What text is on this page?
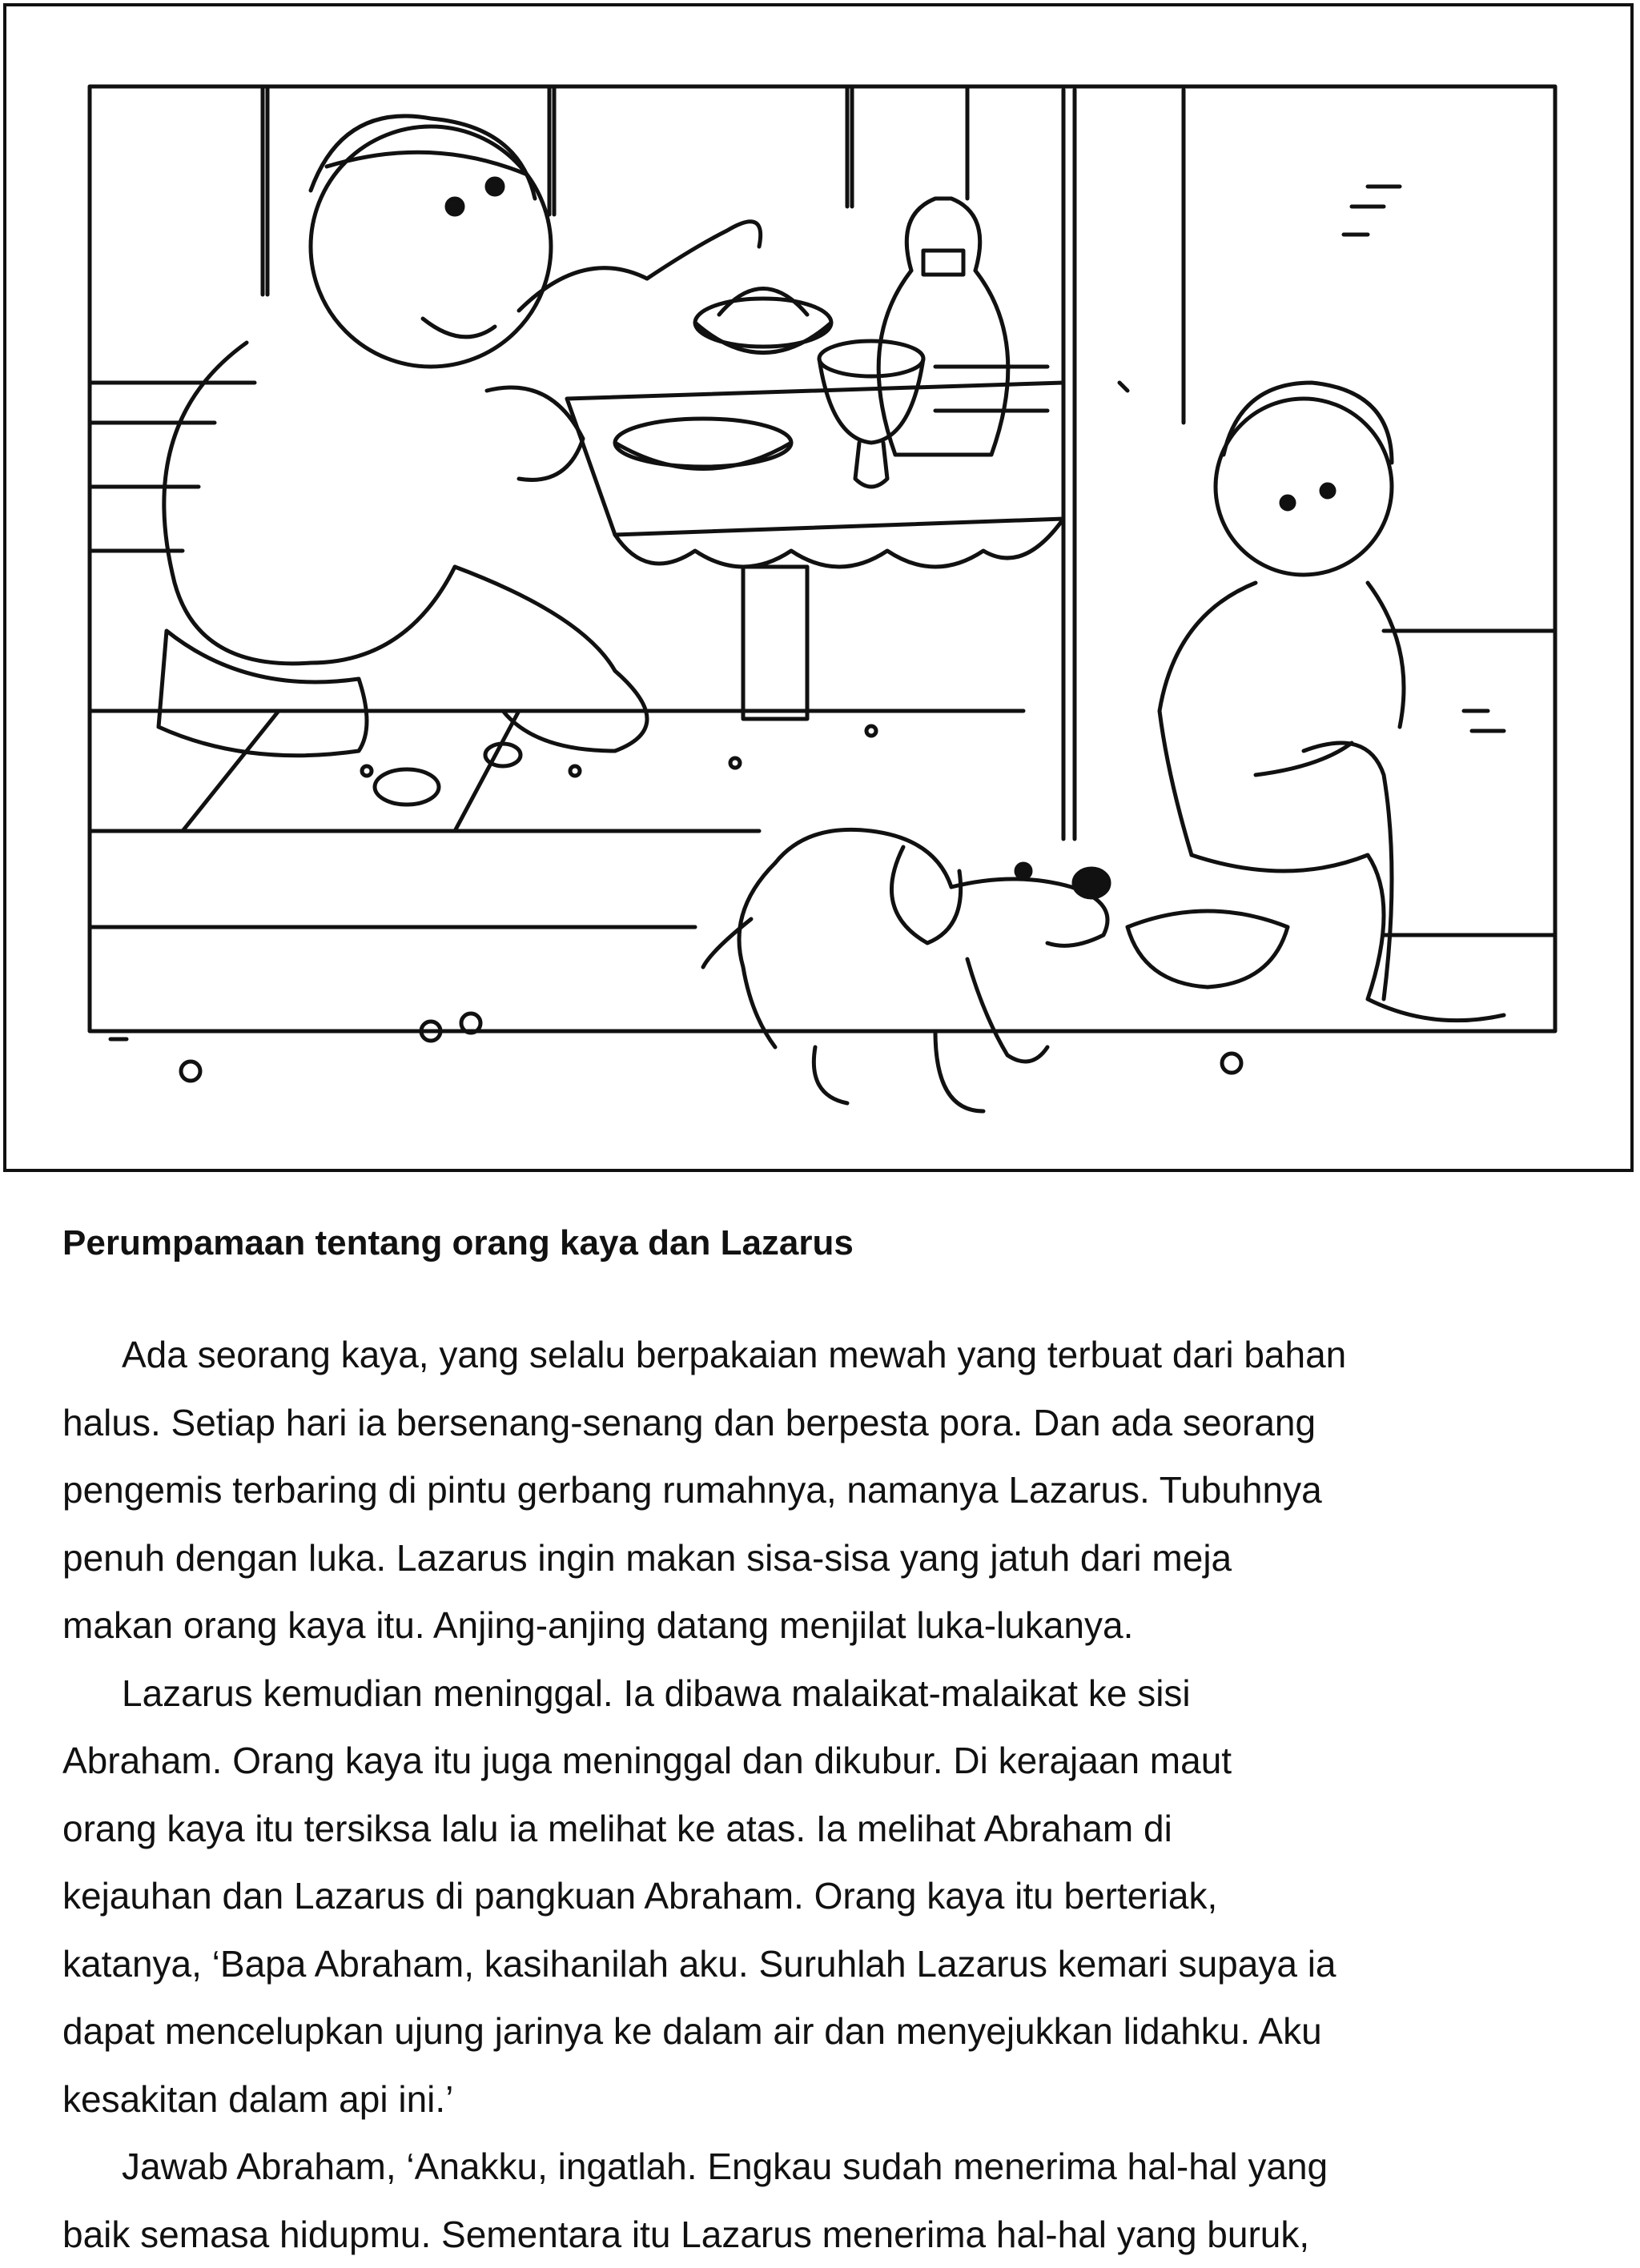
Perumpamaan tentang orang kaya dan Lazarus

Ada seorang kaya, yang selalu berpakaian mewah yang terbuat dari bahan
halus. Setiap hari ia bersenang-senang dan berpesta pora. Dan ada seorang
pengemis terbaring di pintu gerbang rumahnya, namanya Lazarus. Tubuhnya
penuh dengan luka. Lazarus ingin makan sisa-sisa yang jatuh dari meja
makan orang kaya itu. Anjing-anjing datang menjilat luka-lukanya.

Lazarus kemudian meninggal. Ia dibawa malaikat-malaikat ke sisi
Abraham. Orang kaya itu juga meninggal dan dikubur. Di kerajaan maut
orang kaya itu tersiksa lalu ia melihat ke atas. Ia melihat Abraham di
kejauhan dan Lazarus di pangkuan Abraham. Orang kaya itu berteriak,
katanya, ‘Bapa Abraham, kasihanilah aku. Suruhlah Lazarus kemari supaya ia
dapat mencelupkan ujung jarinya ke dalam air dan menyejukkan lidahku. Aku
kesakitan dalam api ini.’

Jawab Abraham, ‘Anakku, ingatlah. Engkau sudah menerima hal-hal yang
baik semasa hidupmu. Sementara itu Lazarus menerima hal-hal yang buruk,
